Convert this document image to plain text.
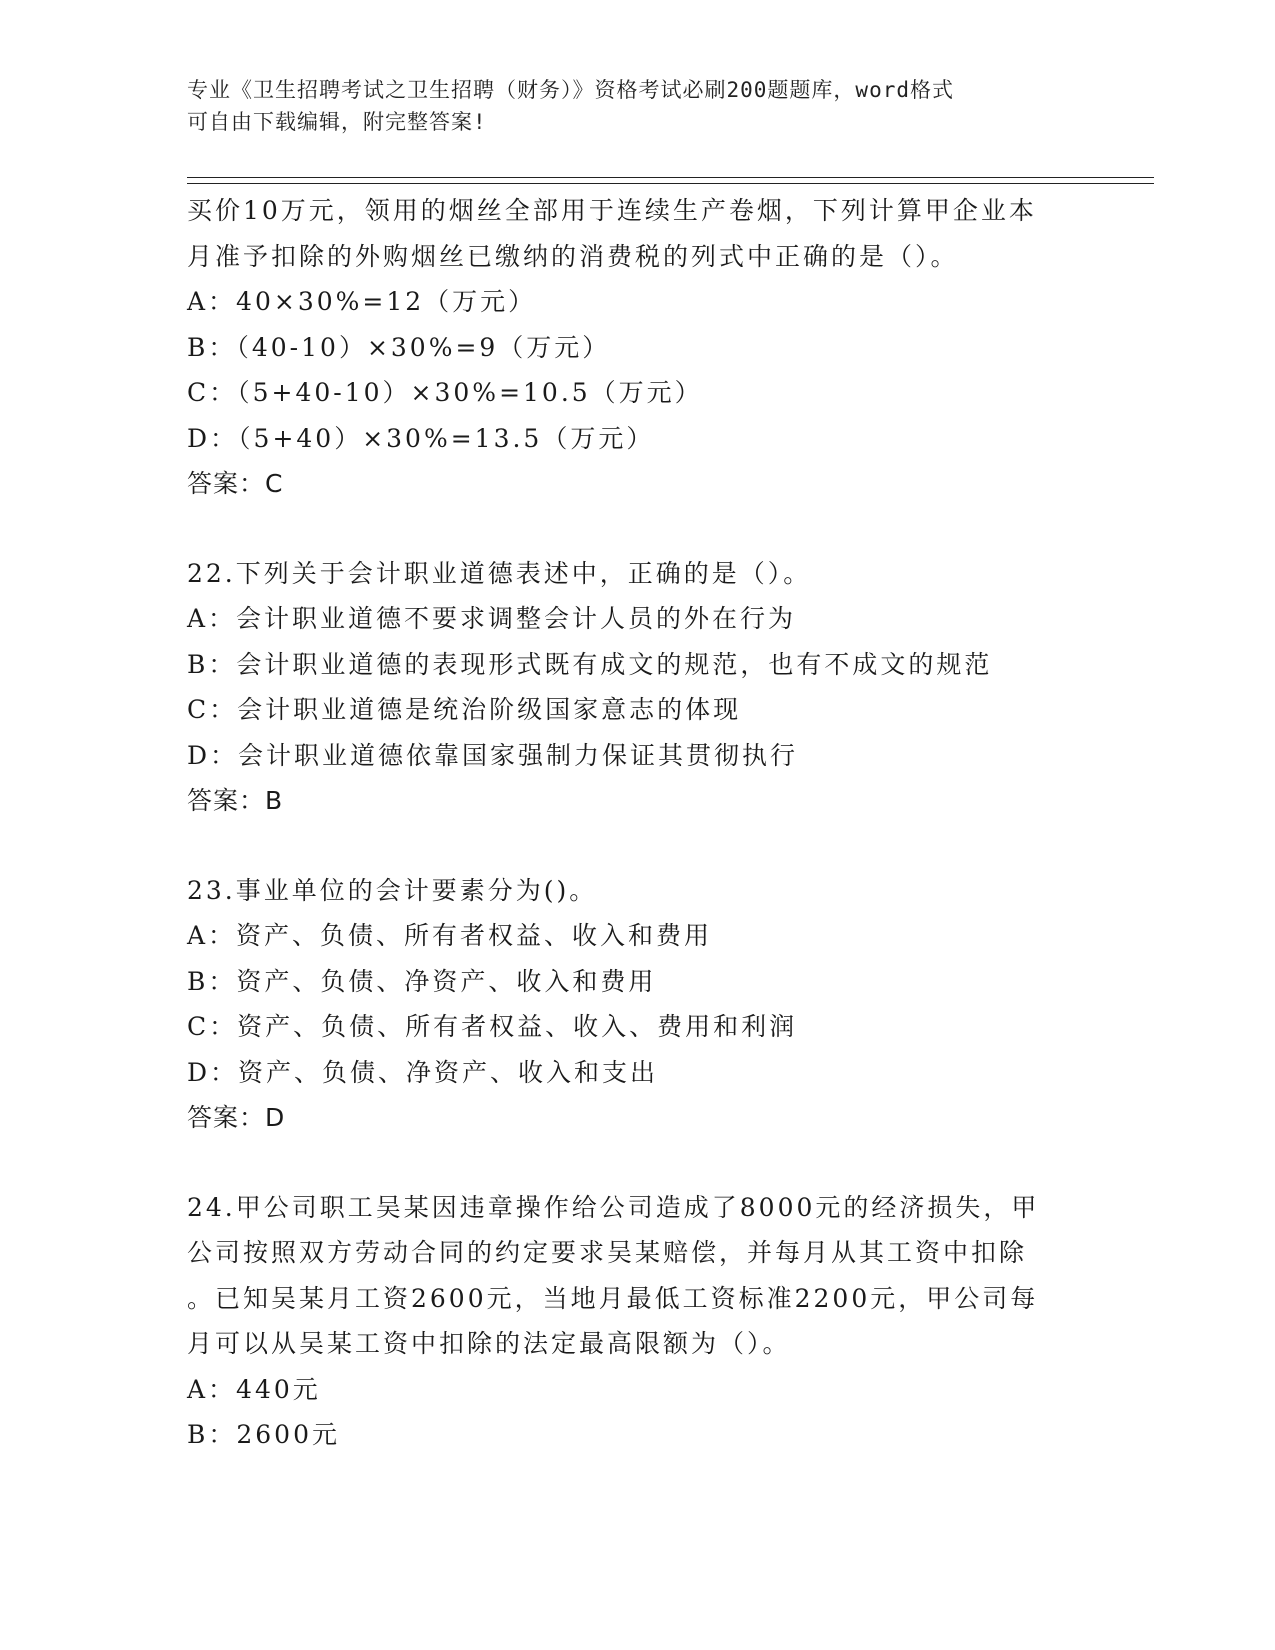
专业《卫生招聘考试之卫生招聘（财务）》资格考试必刷200题题库，word格式
可自由下载编辑，附完整答案!
买价10万元，领用的烟丝全部用于连续生产卷烟，下列计算甲企业本
月准予扣除的外购烟丝已缴纳的消费税的列式中正确的是（）。
A：40×30%=12（万元）
B：（40-10）×30%=9（万元）
C：（5+40-10）×30%=10.5（万元）
D：（5+40）×30%=13.5（万元）
答案：C
22.下列关于会计职业道德表述中，正确的是（）。
A：会计职业道德不要求调整会计人员的外在行为
B：会计职业道德的表现形式既有成文的规范，也有不成文的规范
C：会计职业道德是统治阶级国家意志的体现
D：会计职业道德依靠国家强制力保证其贯彻执行
答案：B
23.事业单位的会计要素分为()。
A：资产、负债、所有者权益、收入和费用
B：资产、负债、净资产、收入和费用
C：资产、负债、所有者权益、收入、费用和利润
D：资产、负债、净资产、收入和支出
答案：D
24.甲公司职工吴某因违章操作给公司造成了8000元的经济损失，甲
公司按照双方劳动合同的约定要求吴某赔偿，并每月从其工资中扣除
。已知吴某月工资2600元，当地月最低工资标准2200元，甲公司每
月可以从吴某工资中扣除的法定最高限额为（）。
A：440元
B：2600元
